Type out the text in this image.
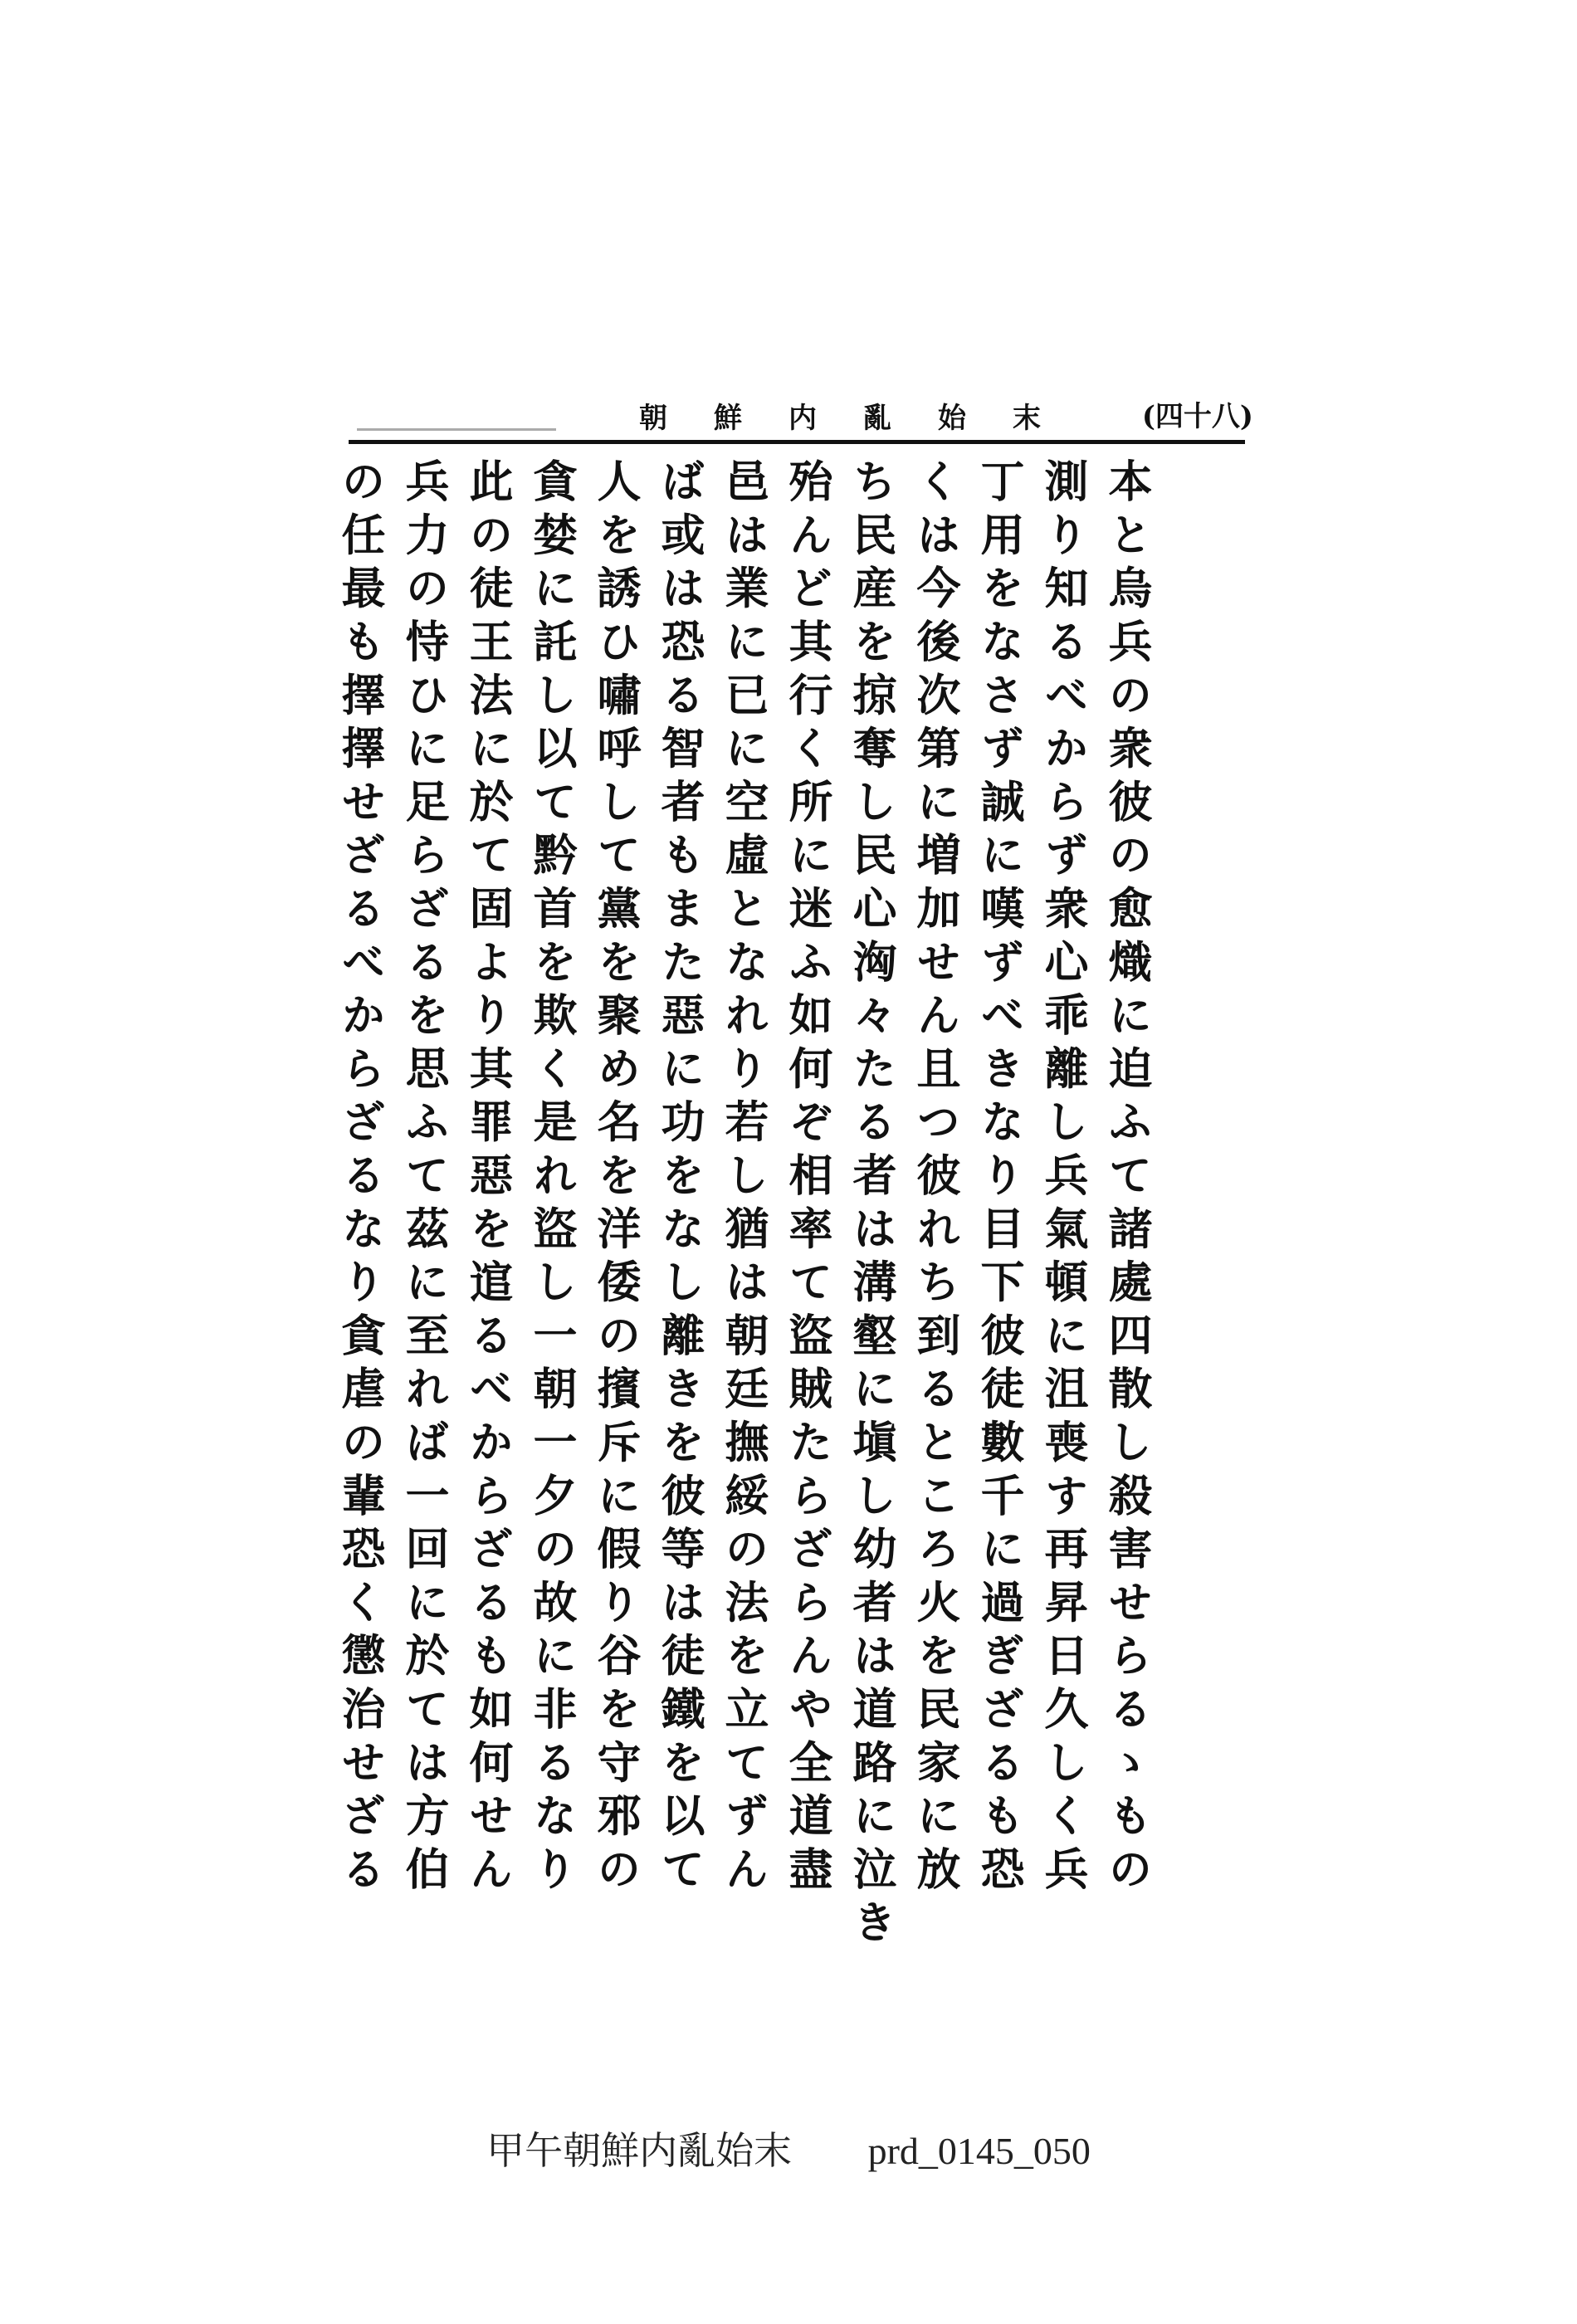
(四十八)
朝鮮内亂始末
本と烏兵の衆彼の愈熾に迫ふて諸處四散し殺害せらるゝもの
測り知るべからず衆心乖離し兵氣頓に沮喪す再昇日久しく兵
丁用をなさず誠に嘆ずべきなり目下彼徒數千に過ぎざるも恐
くは今後次第に増加せん且つ彼れち到るところ火を民家に放
ち民産を掠奪し民心洶々たる者は溝壑に塡し幼者は道路に泣き
殆んど其行く所に迷ふ如何ぞ相率て盜賊たらざらんや全道盡
邑は業に已に空虛となれり若し猶は朝廷撫綏の法を立てずん
ば或は恐る智者もまた惡に功をなし離きを彼等は徒鐵を以て
人を誘ひ嘯呼して黨を聚め名を洋倭の擯斥に假り谷を守邪の
貪婪に託し以て黔首を欺く是れ盜し一朝一夕の故に非るなり
此の徒王法に於て固より其罪惡を逭るべからざるも如何せん
兵力の恃ひに足らざるを思ふて茲に至れば一回に於ては方伯
の任最も擇擇せざるべからざるなり貪虐の輩恐く懲治せざる
甲午朝鮮内亂始末 prd_0145_050
